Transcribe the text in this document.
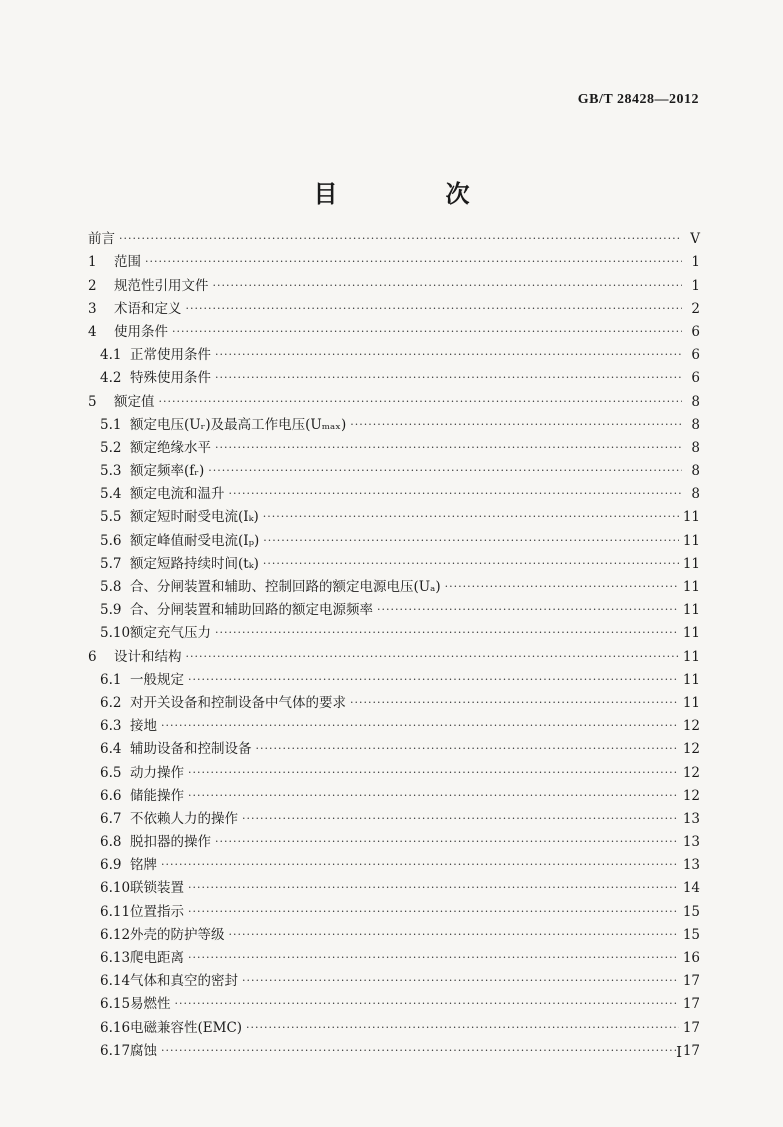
GB/T 28428—2012
目　次
前言 ·····	V
1	范围 ·····	1
2	规范性引用文件 ·····	1
3	术语和定义 ·····	2
4	使用条件 ·····	6
4.1 正常使用条件 ·····	6
4.2 特殊使用条件 ·····	6
5	额定值 ·····	8
5.1 额定电压(Uᵣ)及最高工作电压(Uₘₐₓ) ·····	8
5.2 额定绝缘水平 ·····	8
5.3 额定频率(fᵣ) ·····	8
5.4 额定电流和温升 ·····	8
5.5 额定短时耐受电流(Iₖ) ·····	11
5.6 额定峰值耐受电流(Iₚ) ·····	11
5.7 额定短路持续时间(tₖ) ·····	11
5.8 合、分闸装置和辅助、控制回路的额定电源电压(Uₐ) ·····	11
5.9 合、分闸装置和辅助回路的额定电源频率 ·····	11
5.10 额定充气压力 ·····	11
6	设计和结构 ·····	11
6.1 一般规定 ·····	11
6.2 对开关设备和控制设备中气体的要求 ·····	11
6.3 接地 ·····	12
6.4 辅助设备和控制设备 ·····	12
6.5 动力操作 ·····	12
6.6 储能操作 ·····	12
6.7 不依赖人力的操作 ·····	13
6.8 脱扣器的操作 ·····	13
6.9 铭牌 ·····	13
6.10 联锁装置 ·····	14
6.11 位置指示 ·····	15
6.12 外壳的防护等级 ·····	15
6.13 爬电距离 ·····	16
6.14 气体和真空的密封 ·····	17
6.15 易燃性 ·····	17
6.16 电磁兼容性(EMC) ·····	17
6.17 腐蚀 ·····	17
I
